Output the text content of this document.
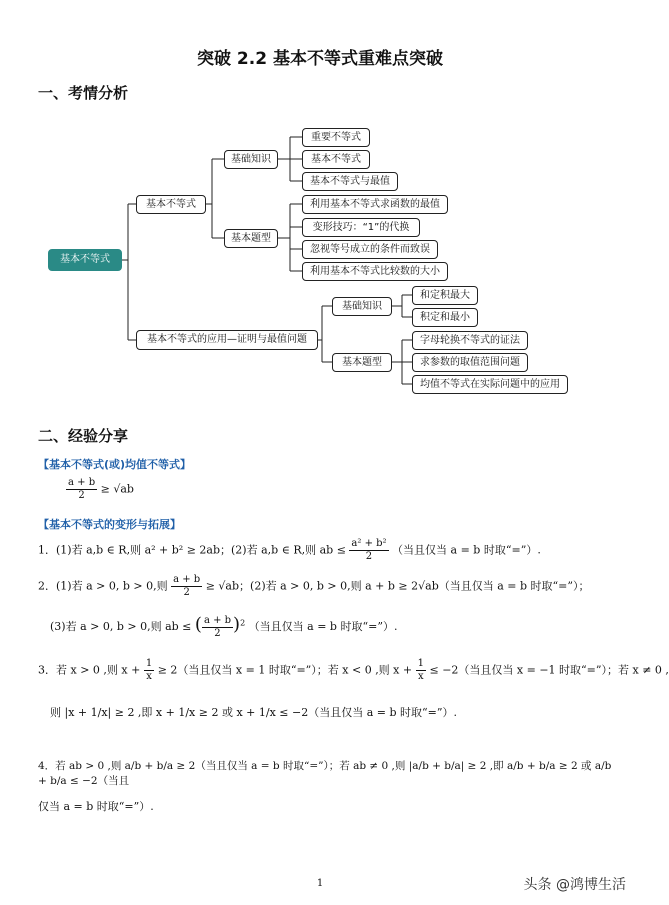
突破 2.2 基本不等式重难点突破
一、考情分析
基本不等式
基本不等式
基础知识
基本题型
重要不等式
基本不等式
基本不等式与最值
利用基本不等式求函数的最值
变形技巧：“1”的代换
忽视等号成立的条件而致误
利用基本不等式比较数的大小
基本不等式的应用—证明与最值问题
基础知识
基本题型
和定积最大
积定和最小
字母轮换不等式的证法
求参数的取值范围问题
均值不等式在实际问题中的应用
二、经验分享
【基本不等式(或)均值不等式】
$\frac{a + b}{2} \ge √ab$
【基本不等式的变形与拓展】
1．(1)若 a,b ∈ R,则 a² + b² ≥ 2ab；(2)若 a,b ∈ R,则 ab ≤ $\frac{\text{a² + b²}}{2}$ （当且仅当 a = b 时取“=”）.
2．(1)若 a > 0, b > 0,则 $\frac{a + b}{2} \ge √ab$；(2)若 a > 0, b > 0,则 a + b ≥ 2√ab（当且仅当 a = b 时取“=”）；
(3)若 a > 0, b > 0,则 ab ≤ ( $\frac{a + b}{2} )^2$ （当且仅当 a = b 时取“=”）.
3．若 x > 0 ,则 $x + \frac{1}{x} \ge 2$（当且仅当 x = 1 时取“=”）；若 x < 0 ,则 $x + \frac{1}{x} \le -2$（当且仅当 x = −1 时取“=”）；若 x ≠ 0 ,
则 |x + 1/x| ≥ 2 ,即 x + 1/x ≥ 2 或 x + 1/x ≤ −2（当且仅当 a = b 时取“=”）.
4．若 ab > 0 ,则 a/b + b/a ≥ 2（当且仅当 a = b 时取“=”）；若 ab ≠ 0 ,则 |a/b + b/a| ≥ 2 ,即 a/b + b/a ≥ 2 或 a/b + b/a ≤ −2（当且
仅当 a = b 时取“=”）.
1	头条 @鸿博生活
